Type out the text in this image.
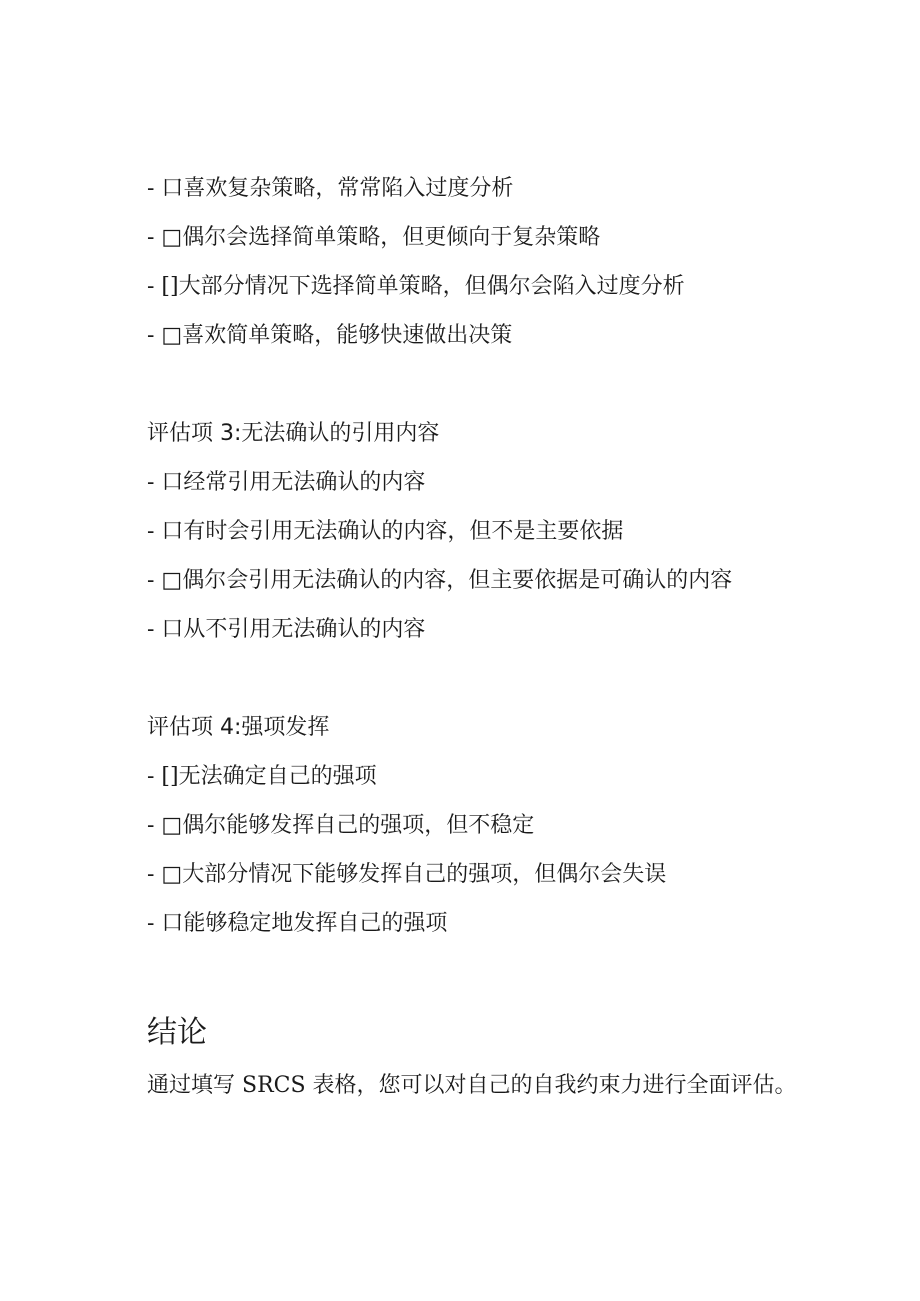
- 口喜欢复杂策略，常常陷入过度分析
- □偶尔会选择简单策略，但更倾向于复杂策略
- []大部分情况下选择简单策略，但偶尔会陷入过度分析
- □喜欢简单策略，能够快速做出决策
评估项 3:无法确认的引用内容
- 口经常引用无法确认的内容
- 口有时会引用无法确认的内容，但不是主要依据
- □偶尔会引用无法确认的内容，但主要依据是可确认的内容
- 口从不引用无法确认的内容
评估项 4:强项发挥
- []无法确定自己的强项
- □偶尔能够发挥自己的强项，但不稳定
- □大部分情况下能够发挥自己的强项，但偶尔会失误
- 口能够稳定地发挥自己的强项
结论
通过填写 SRCS 表格，您可以对自己的自我约束力进行全面评估。
